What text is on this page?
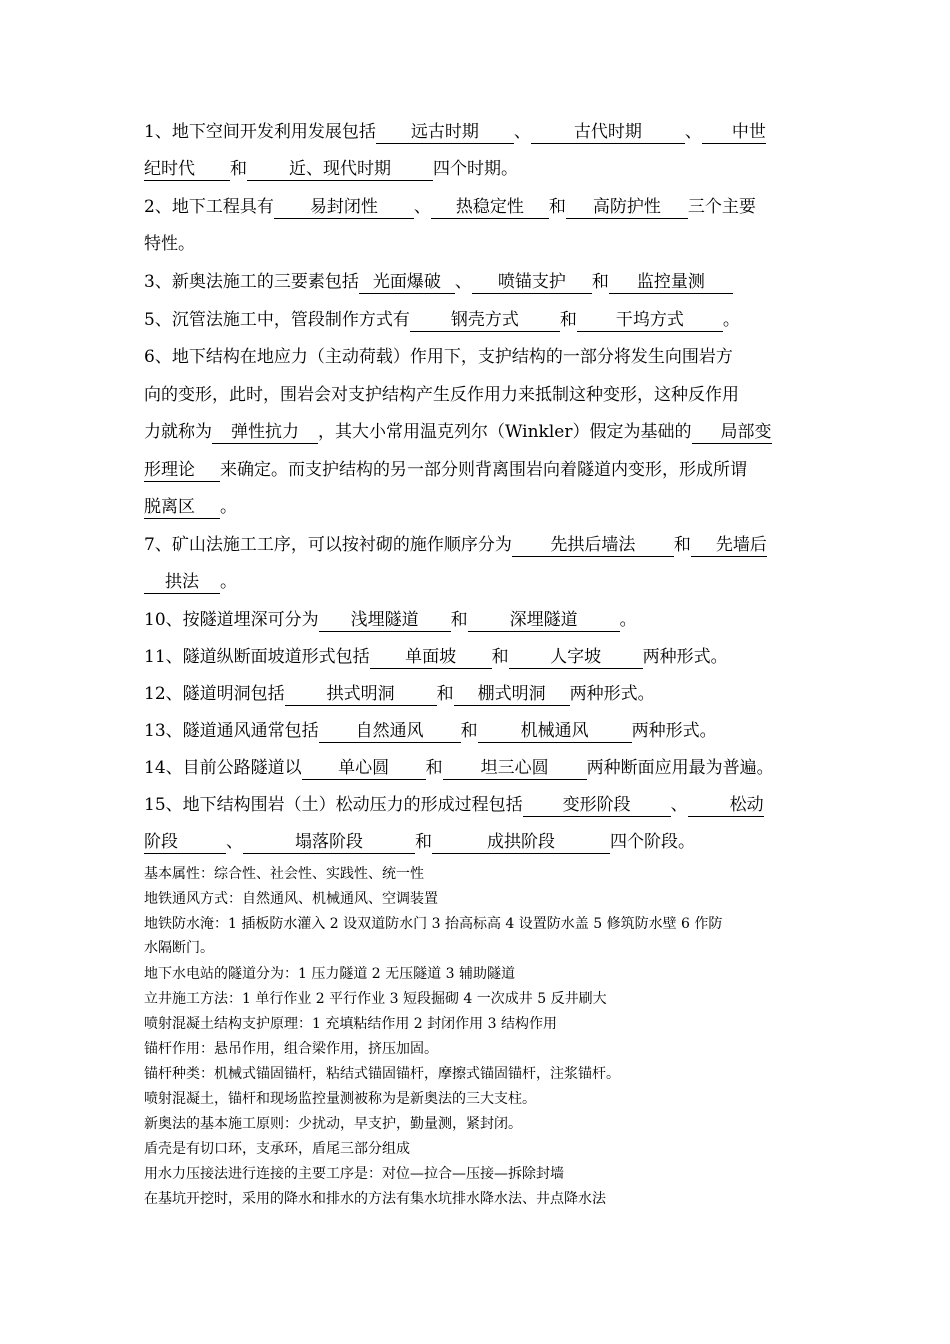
1、地下空间开发利用发展包括 远古时期 、	古代时期	、 中世
纪时代 和 近、现代时期 四个时期。
2、地下工程具有 易封闭性 、 热稳定性 和 高防护性 三个主要
特性。
3、新奥法施工的三要素包括 光面爆破 、 喷锚支护 和 监控量测
5、沉管法施工中，管段制作方式有 钢壳方式 和 干坞方式 。
6、地下结构在地应力（主动荷载）作用下，支护结构的一部分将发生向围岩方
向的变形，此时，围岩会对支护结构产生反作用力来抵制这种变形，这种反作用
力就称为 弹性抗力 ，其大小常用温克列尔（Winkler）假定为基础的 局部变
形理论 来确定。而支护结构的另一部分则背离围岩向着隧道内变形，形成所谓
脱离区 。
7、矿山法施工工序，可以按衬砌的施作顺序分为 先拱后墙法 和 先墙后
拱法 。
10、按隧道埋深可分为 浅埋隧道 和 深埋隧道 。
11、隧道纵断面坡道形式包括 单面坡 和 人字坡 两种形式。
12、隧道明洞包括 拱式明洞 和 棚式明洞 两种形式。
13、隧道通风通常包括 自然通风 和	机械通风	两种形式。
14、目前公路隧道以 单心圆 和 坦三心圆 两种断面应用最为普遍。
15、地下结构围岩（土）松动压力的形成过程包括 变形阶段 、 松动
阶段	、	塌落阶段	和	成拱阶段	四个阶段。
基本属性：综合性、社会性、实践性、统一性
地铁通风方式：自然通风、机械通风、空调装置
地铁防水淹：1 插板防水灌入 2 设双道防水门 3 抬高标高 4 设置防水盖 5 修筑防水壁 6 作防
水隔断门。
地下水电站的隧道分为：1 压力隧道 2 无压隧道 3 辅助隧道
立井施工方法：1 单行作业 2 平行作业 3 短段掘砌 4 一次成井 5 反井刷大
喷射混凝土结构支护原理：1 充填粘结作用 2 封闭作用 3 结构作用
锚杆作用：悬吊作用，组合梁作用，挤压加固。
锚杆种类：机械式锚固锚杆，粘结式锚固锚杆，摩擦式锚固锚杆，注浆锚杆。
喷射混凝土，锚杆和现场监控量测被称为是新奥法的三大支柱。
新奥法的基本施工原则：少扰动，早支护，勤量测，紧封闭。
盾壳是有切口环，支承环，盾尾三部分组成
用水力压接法进行连接的主要工序是：对位—拉合—压接—拆除封墙
在基坑开挖时，采用的降水和排水的方法有集水坑排水降水法、井点降水法
